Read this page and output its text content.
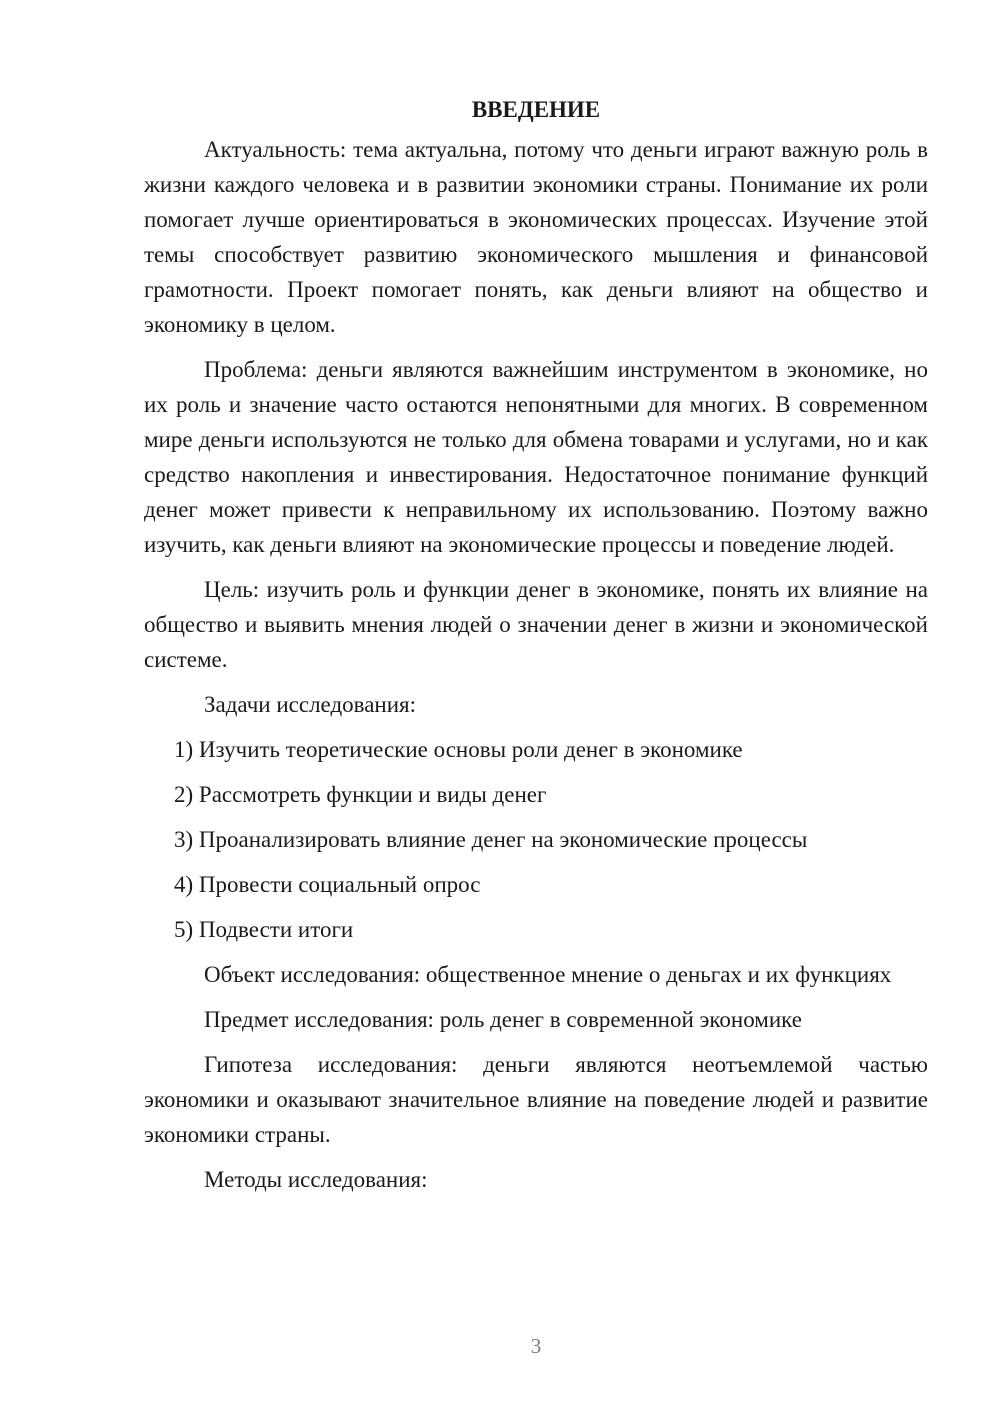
ВВЕДЕНИЕ

Актуальность: тема актуальна, потому что деньги играют важную роль в жизни каждого человека и в развитии экономики страны. Понимание их роли помогает лучше ориентироваться в экономических процессах. Изучение этой темы способствует развитию экономического мышления и финансовой грамотности. Проект помогает понять, как деньги влияют на общество и экономику в целом.

Проблема: деньги являются важнейшим инструментом в экономике, но их роль и значение часто остаются непонятными для многих. В современном мире деньги используются не только для обмена товарами и услугами, но и как средство накопления и инвестирования. Недостаточное понимание функций денег может привести к неправильному их использованию. Поэтому важно изучить, как деньги влияют на экономические процессы и поведение людей.

Цель: изучить роль и функции денег в экономике, понять их влияние на общество и выявить мнения людей о значении денег в жизни и экономической системе.

Задачи исследования:

1) Изучить теоретические основы роли денег в экономике
2) Рассмотреть функции и виды денег
3) Проанализировать влияние денег на экономические процессы
4) Провести социальный опрос
5) Подвести итоги

Объект исследования: общественное мнение о деньгах и их функциях

Предмет исследования: роль денег в современной экономике

Гипотеза исследования: деньги являются неотъемлемой частью экономики и оказывают значительное влияние на поведение людей и развитие экономики страны.

Методы исследования:

3
